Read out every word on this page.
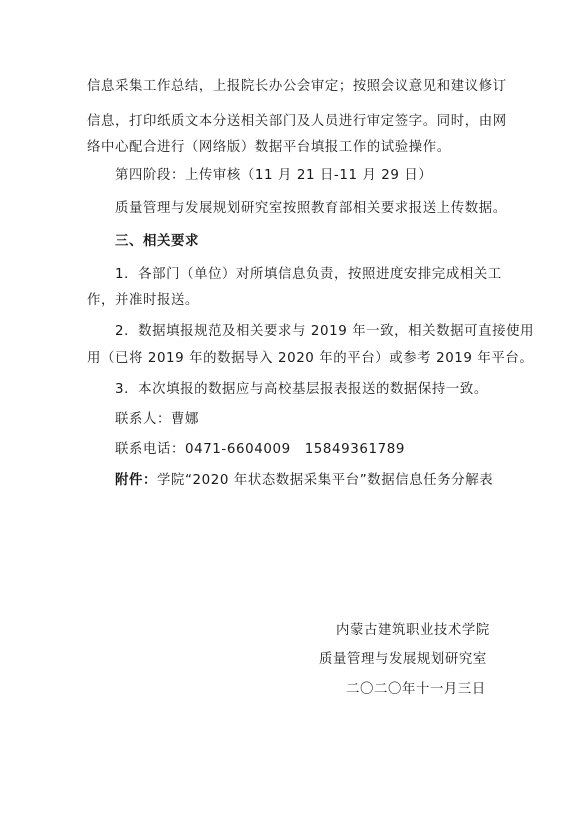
信息采集工作总结，上报院长办公会审定；按照会议意见和建议修订
信息，打印纸质文本分送相关部门及人员进行审定签字。同时，由网
络中心配合进行（网络版）数据平台填报工作的试验操作。
第四阶段：上传审核（11 月 21 日-11 月 29 日）
质量管理与发展规划研究室按照教育部相关要求报送上传数据。
三、相关要求
1．各部门（单位）对所填信息负责，按照进度安排完成相关工
作，并准时报送。
2．数据填报规范及相关要求与 2019 年一致，相关数据可直接使用
用（已将 2019 年的数据导入 2020 年的平台）或参考 2019 年平台。
3．本次填报的数据应与高校基层报表报送的数据保持一致。
联系人：曹娜
联系电话：0471-6604009　15849361789
附件：学院“2020 年状态数据采集平台”数据信息任务分解表
内蒙古建筑职业技术学院
质量管理与发展规划研究室
二〇二〇年十一月三日
